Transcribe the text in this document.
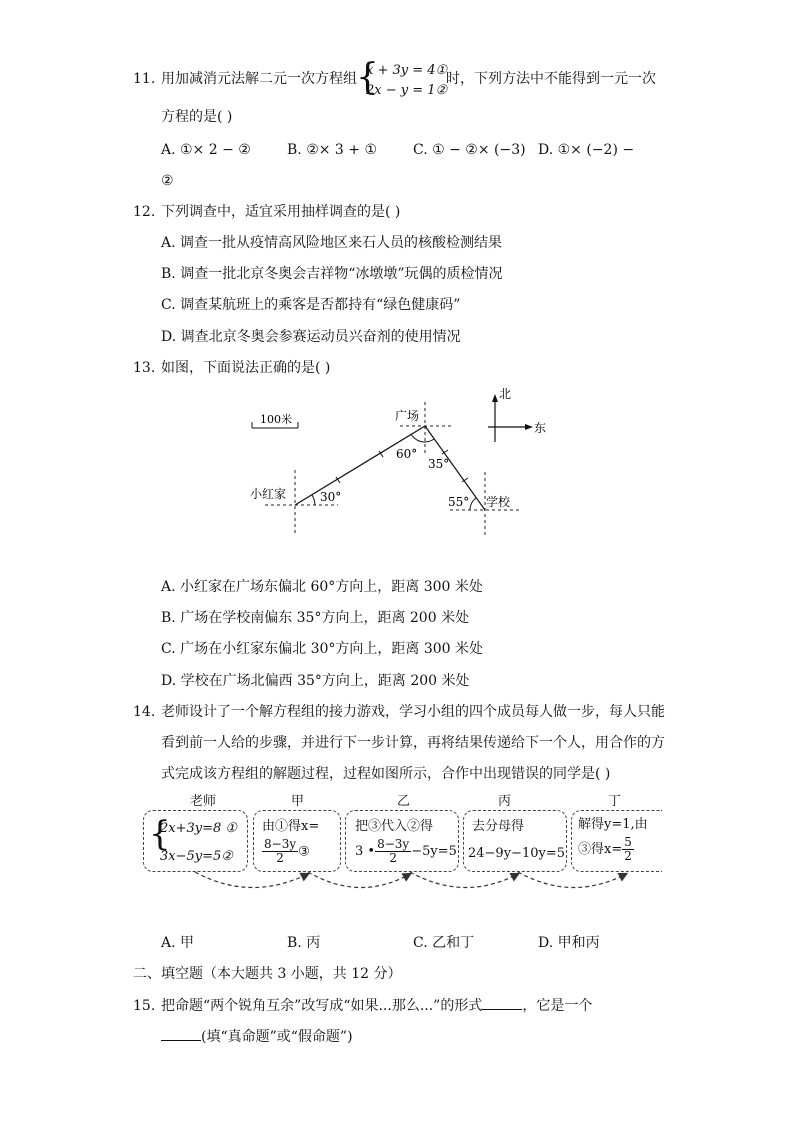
11. 用加减消元法解二元一次方程组 {
x + 3y = 4①
2x − y = 1②
时，下列方法中不能得到一元一次
方程的是( )
A. ①× 2 − ②	B. ②× 3 + ①	C. ① − ②× (−3) D. ①× (−2) −
②
12. 下列调查中，适宜采用抽样调查的是( )
A. 调查一批从疫情高风险地区来石人员的核酸检测结果
B. 调查一批北京冬奥会吉祥物“冰墩墩”玩偶的质检情况
C. 调查某航班上的乘客是否都持有“绿色健康码”
D. 调查北京冬奥会参赛运动员兴奋剂的使用情况
13. 如图，下面说法正确的是( )
100米
北
东
广场
小红家
学校
30°
60°
35°
55°
A. 小红家在广场东偏北 60°方向上，距离 300 米处
B. 广场在学校南偏东 35°方向上，距离 200 米处
C. 广场在小红家东偏北 30°方向上，距离 300 米处
D. 学校在广场北偏西 35°方向上，距离 200 米处
14. 老师设计了一个解方程组的接力游戏，学习小组的四个成员每人做一步，每人只能
看到前一人给的步骤，并进行下一步计算，再将结果传递给下一个人，用合作的方
式完成该方程组的解题过程，过程如图所示，合作中出现错误的同学是( )
老师	甲	乙	丙	丁
{
2x+3y=8 ①
3x−5y=5②
由①得x=
$\frac{8-3y}{2}$ ③
把③代入②得
3 • $\frac{8-3y}{2} -5y=5$
去分母得
24−9y−10y=5
解得y=1,由
③得$x= \frac{5}{2}$
A. 甲	B. 丙	C. 乙和丁	D. 甲和丙
二、填空题（本大题共 3 小题，共 12 分）
15. 把命题“两个锐角互余”改写成“如果...那么...”的形式	，它是一个
(填“真命题”或“假命题”)
